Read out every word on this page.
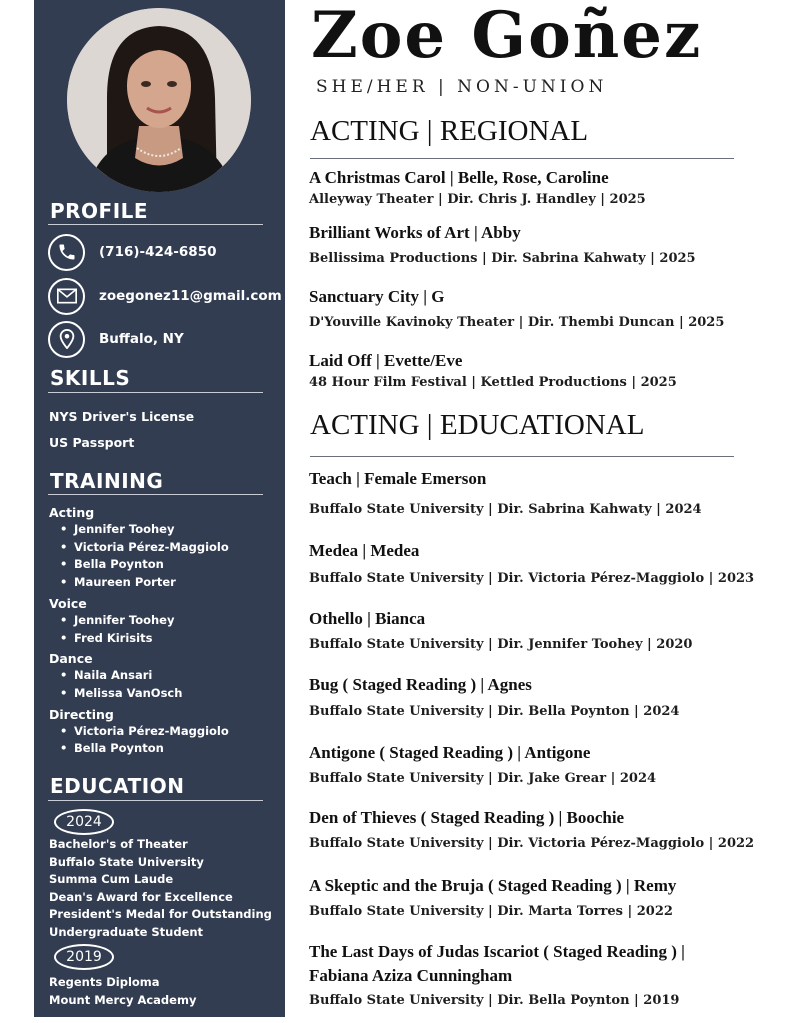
PROFILE
(716)-424-6850
zoegonez11@gmail.com
Buffalo, NY
SKILLS
NYS Driver's License
US Passport
TRAINING
Acting
• Jennifer Toohey
• Victoria Pérez-Maggiolo
• Bella Poynton
• Maureen Porter
Voice
• Jennifer Toohey
• Fred Kirisits
Dance
• Naila Ansari
• Melissa VanOsch
Directing
• Victoria Pérez-Maggiolo
• Bella Poynton
EDUCATION
2024
Bachelor's of Theater
Buffalo State University
Summa Cum Laude
Dean's Award for Excellence
President's Medal for Outstanding
Undergraduate Student
2019
Regents Diploma
Mount Mercy Academy
Zoe Goñez
SHE/HER | NON-UNION
ACTING | REGIONAL
A Christmas Carol | Belle, Rose, Caroline
Alleyway Theater | Dir. Chris J. Handley | 2025
Brilliant Works of Art | Abby
Bellissima Productions | Dir. Sabrina Kahwaty | 2025
Sanctuary City | G
D'Youville Kavinoky Theater | Dir. Thembi Duncan | 2025
Laid Off | Evette/Eve
48 Hour Film Festival | Kettled Productions | 2025
ACTING | EDUCATIONAL
Teach | Female Emerson
Buffalo State University | Dir. Sabrina Kahwaty | 2024
Medea | Medea
Buffalo State University | Dir. Victoria Pérez-Maggiolo | 2023
Othello | Bianca
Buffalo State University | Dir. Jennifer Toohey | 2020
Bug ( Staged Reading ) | Agnes
Buffalo State University | Dir. Bella Poynton | 2024
Antigone ( Staged Reading ) | Antigone
Buffalo State University | Dir. Jake Grear | 2024
Den of Thieves ( Staged Reading ) | Boochie
Buffalo State University | Dir. Victoria Pérez-Maggiolo | 2022
A Skeptic and the Bruja ( Staged Reading ) | Remy
Buffalo State University | Dir. Marta Torres | 2022
The Last Days of Judas Iscariot ( Staged Reading ) |
Fabiana Aziza Cunningham
Buffalo State University | Dir. Bella Poynton | 2019
